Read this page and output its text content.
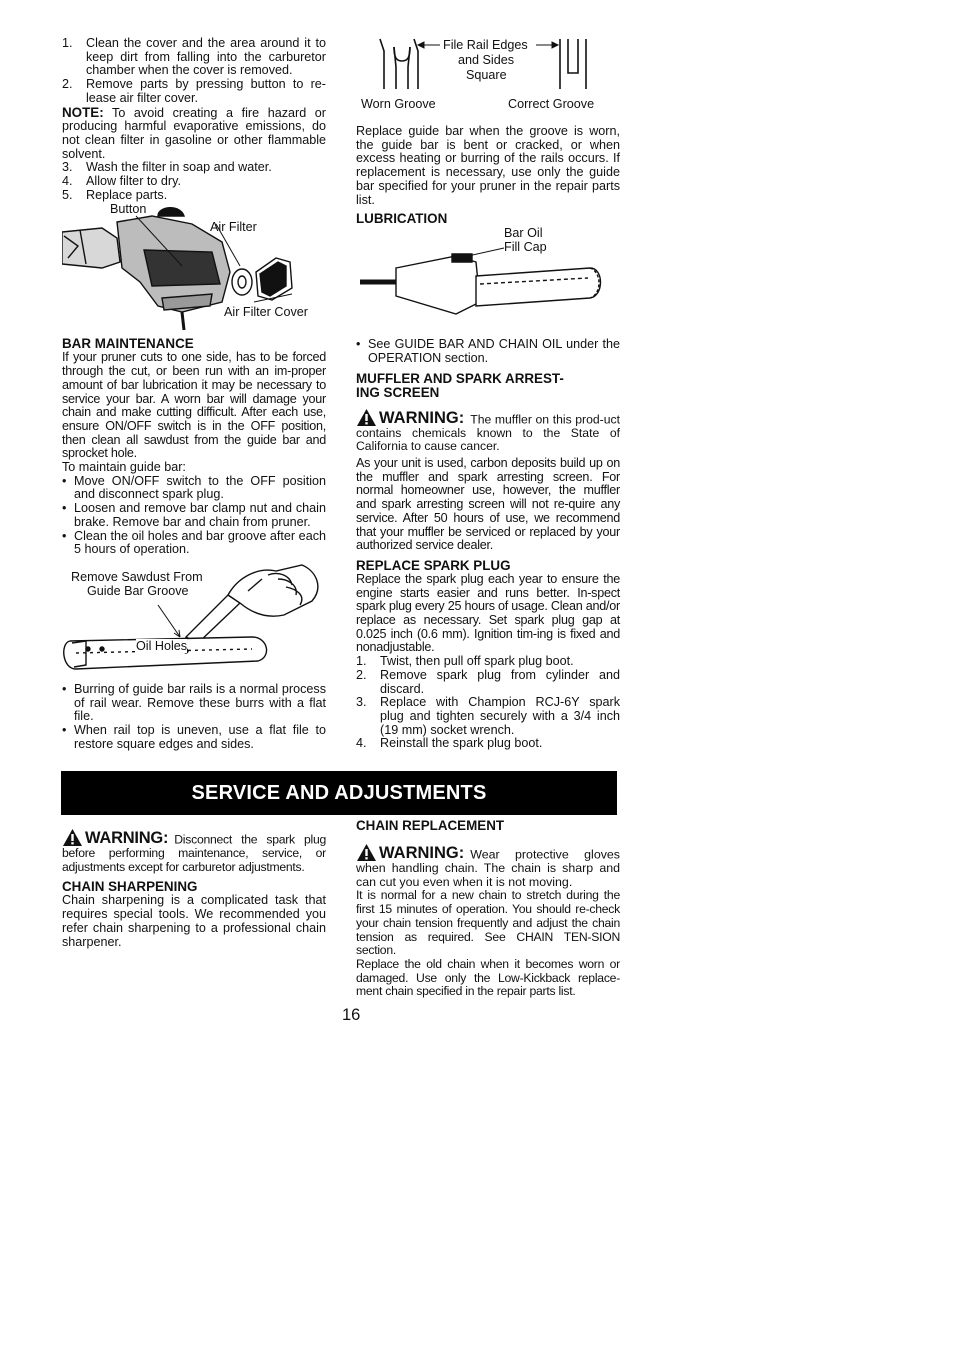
1. Clean the cover and the area around it to keep dirt from falling into the carburetor chamber when the cover is removed.
2. Remove parts by pressing button to re-lease air filter cover.

NOTE: To avoid creating a fire hazard or producing harmful evaporative emissions, do not clean filter in gasoline or other flammable solvent.

3. Wash the filter in soap and water.
4. Allow filter to dry.
5. Replace parts.
Button
Air Filter
Air Filter Cover
BAR MAINTENANCE

If your pruner cuts to one side, has to be forced through the cut, or been run with an im-proper amount of bar lubrication it may be necessary to service your bar. A worn bar will damage your chain and make cutting difficult. After each use, ensure ON/OFF switch is in the OFF position, then clean all sawdust from the guide bar and sprocket hole.

To maintain guide bar:

• Move ON/OFF switch to the OFF position and disconnect spark plug.
• Loosen and remove bar clamp nut and chain brake. Remove bar and chain from pruner.
• Clean the oil holes and bar groove after each 5 hours of operation.
Remove Sawdust From
Guide Bar Groove
Oil Holes
• Burring of guide bar rails is a normal process of rail wear. Remove these burrs with a flat file.
• When rail top is uneven, use a flat file to restore square edges and sides.
File Rail Edges
and Sides
Square
Worn Groove	Correct Groove

Replace guide bar when the groove is worn, the guide bar is bent or cracked, or when excess heating or burring of the rails occurs. If replacement is necessary, use only the guide bar specified for your pruner in the repair parts list.

LUBRICATION
Bar Oil
Fill Cap
• See GUIDE BAR AND CHAIN OIL under the OPERATION section.
MUFFLER AND SPARK ARREST-
ING SCREEN

WARNING: The muffler on this prod-uct contains chemicals known to the State of California to cause cancer.

As your unit is used, carbon deposits build up on the muffler and spark arresting screen. For normal homeowner use, however, the muffler and spark arresting screen will not re-quire any service. After 50 hours of use, we recommend that your muffler be serviced or replaced by your authorized service dealer.

REPLACE SPARK PLUG

Replace the spark plug each year to ensure the engine starts easier and runs better. In-spect spark plug every 25 hours of usage. Clean and/or replace as necessary. Set spark plug gap at 0.025 inch (0.6 mm). Ignition tim-ing is fixed and nonadjustable.

1. Twist, then pull off spark plug boot.
2. Remove spark plug from cylinder and discard.
3. Replace with Champion RCJ-6Y spark plug and tighten securely with a 3/4 inch (19 mm) socket wrench.
4. Reinstall the spark plug boot.
SERVICE AND ADJUSTMENTS

WARNING: Disconnect the spark plug before performing maintenance, service, or adjustments except for carburetor adjustments.

CHAIN SHARPENING

Chain sharpening is a complicated task that requires special tools. We recommended you refer chain sharpening to a professional chain sharpener.

CHAIN REPLACEMENT

WARNING: Wear protective gloves when handling chain. The chain is sharp and can cut you even when it is not moving.

It is normal for a new chain to stretch during the first 15 minutes of operation. You should re-check your chain tension frequently and adjust the chain tension as required. See CHAIN TEN-SION section.

Replace the old chain when it becomes worn or damaged. Use only the Low-Kickback replace-ment chain specified in the repair parts list.

16
